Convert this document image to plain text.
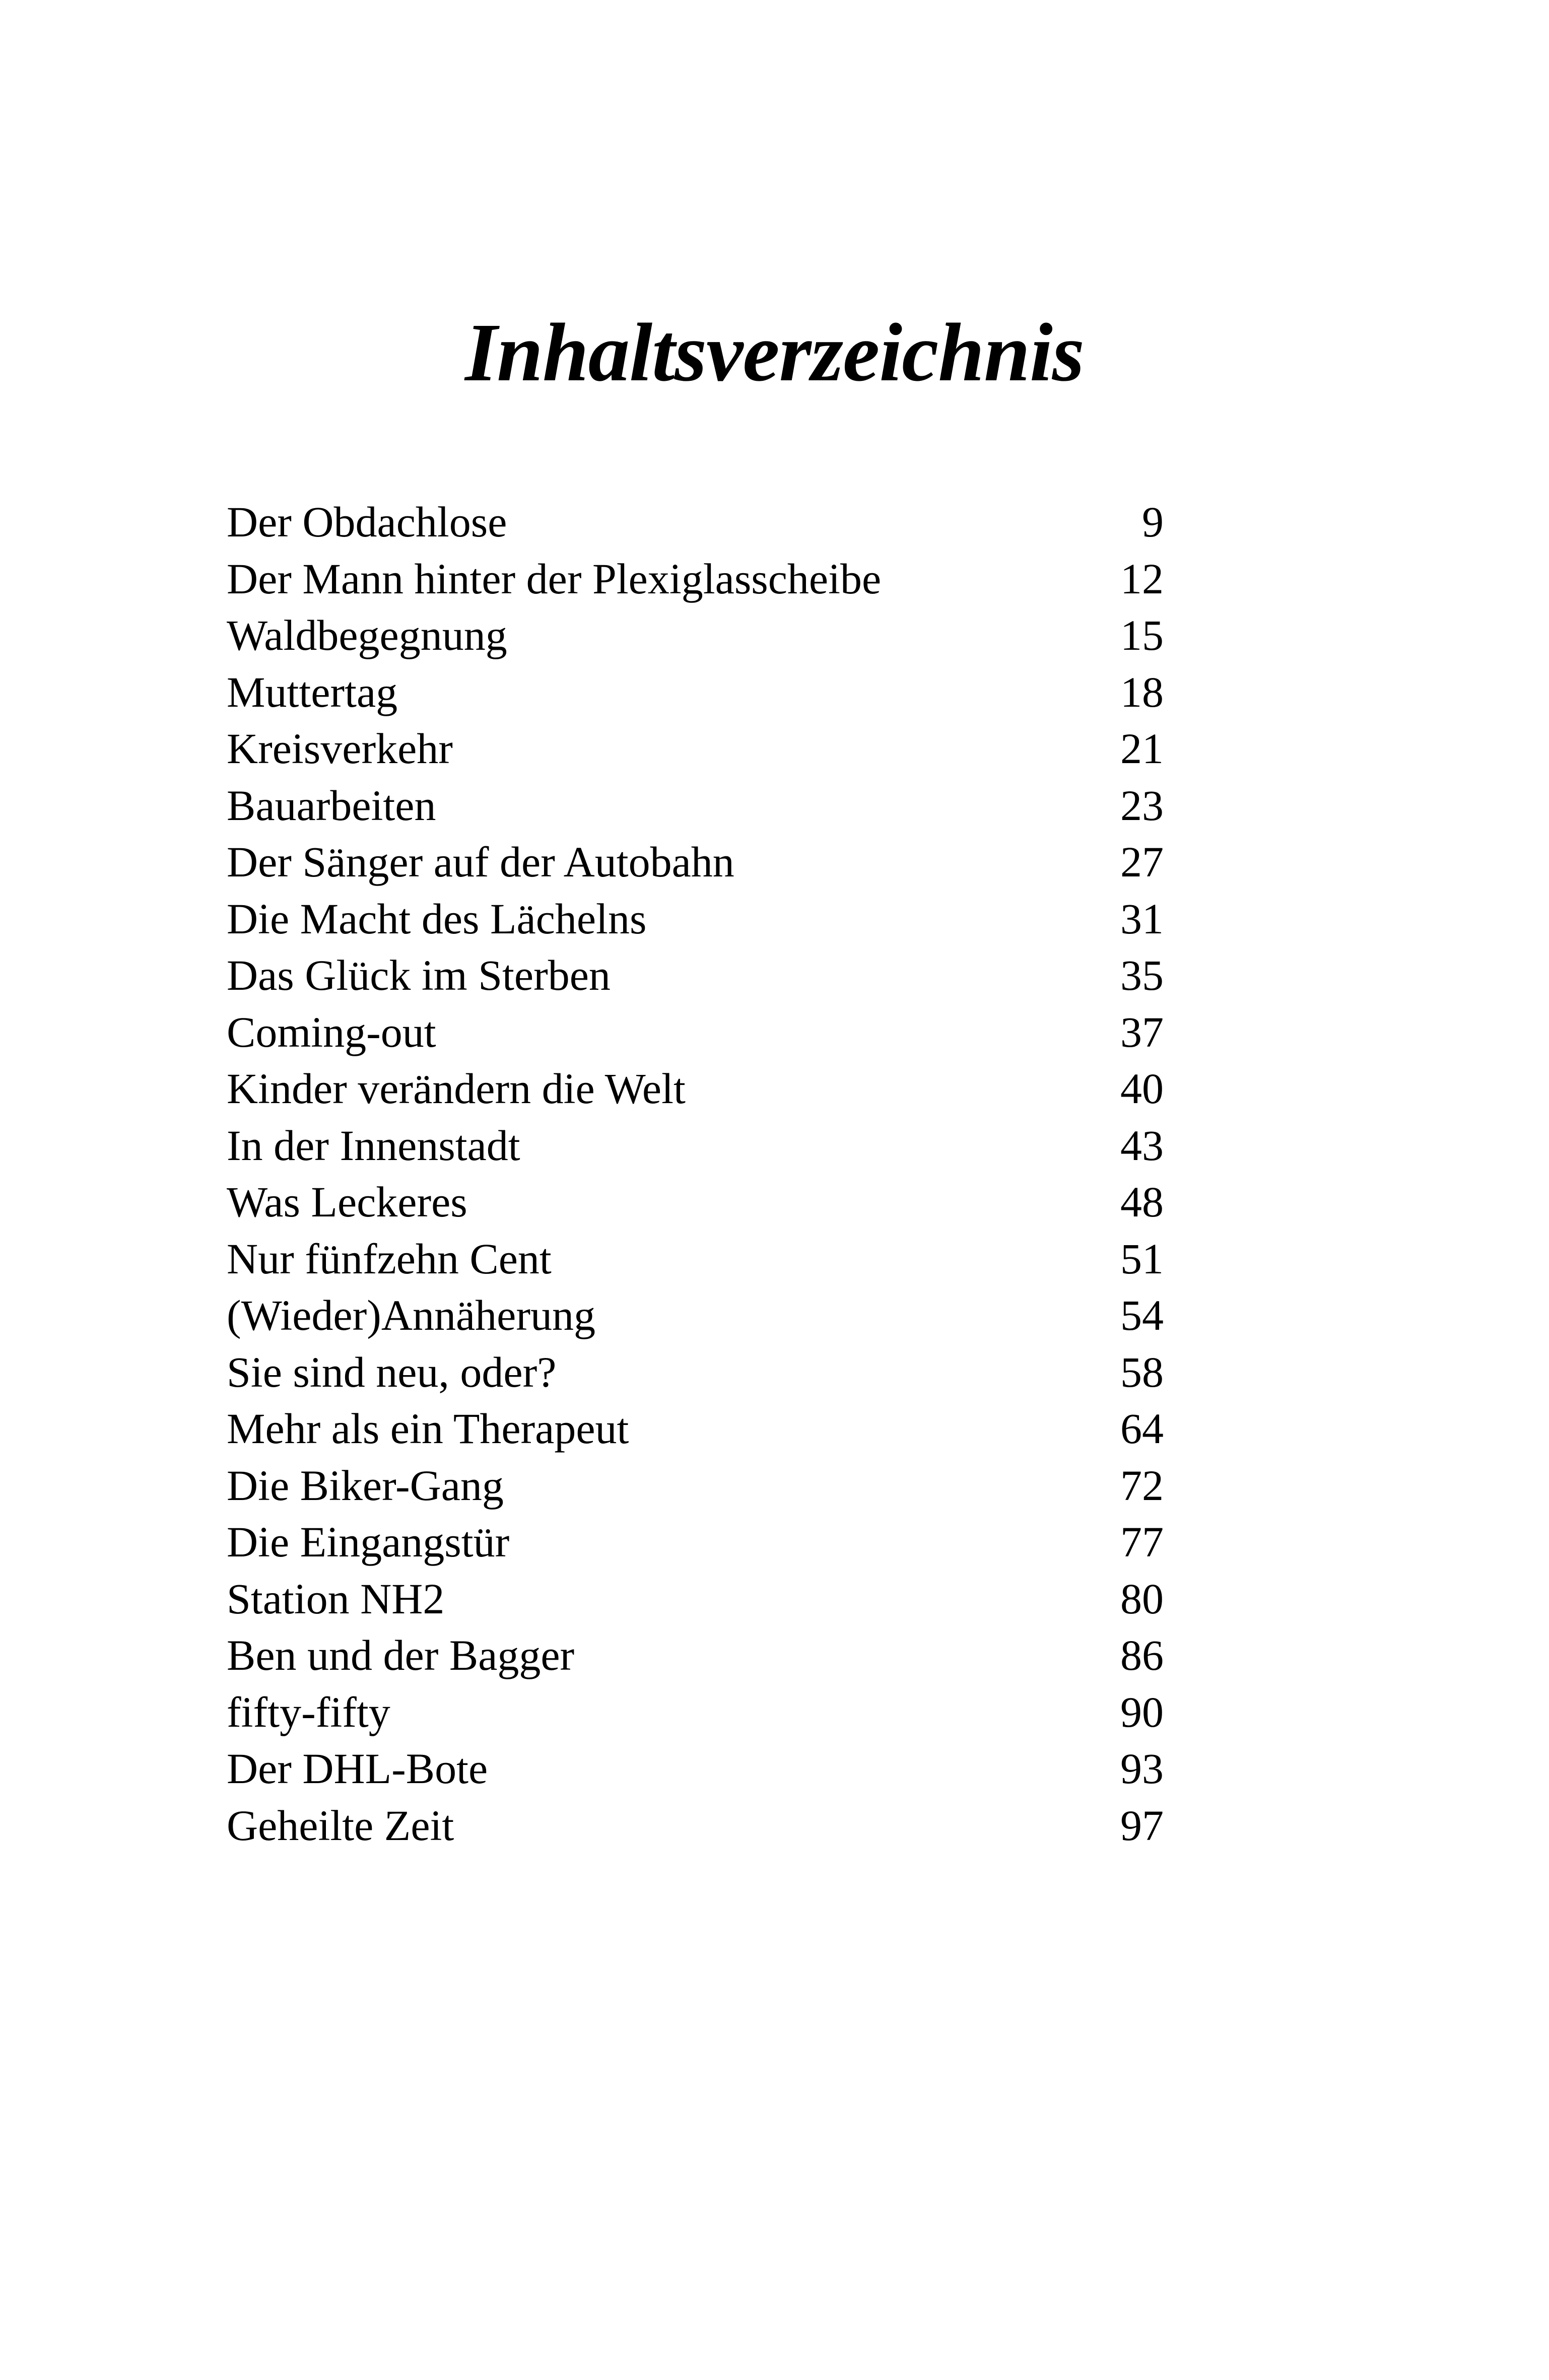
Inhaltsverzeichnis
Der Obdachlose	9
Der Mann hinter der Plexiglasscheibe	12
Waldbegegnung	15
Muttertag	18
Kreisverkehr	21
Bauarbeiten	23
Der Sänger auf der Autobahn	27
Die Macht des Lächelns	31
Das Glück im Sterben	35
Coming-out	37
Kinder verändern die Welt	40
In der Innenstadt	43
Was Leckeres	48
Nur fünfzehn Cent	51
(Wieder)Annäherung	54
Sie sind neu, oder?	58
Mehr als ein Therapeut	64
Die Biker-Gang	72
Die Eingangstür	77
Station NH2	80
Ben und der Bagger	86
fifty-fifty	90
Der DHL-Bote	93
Geheilte Zeit	97
